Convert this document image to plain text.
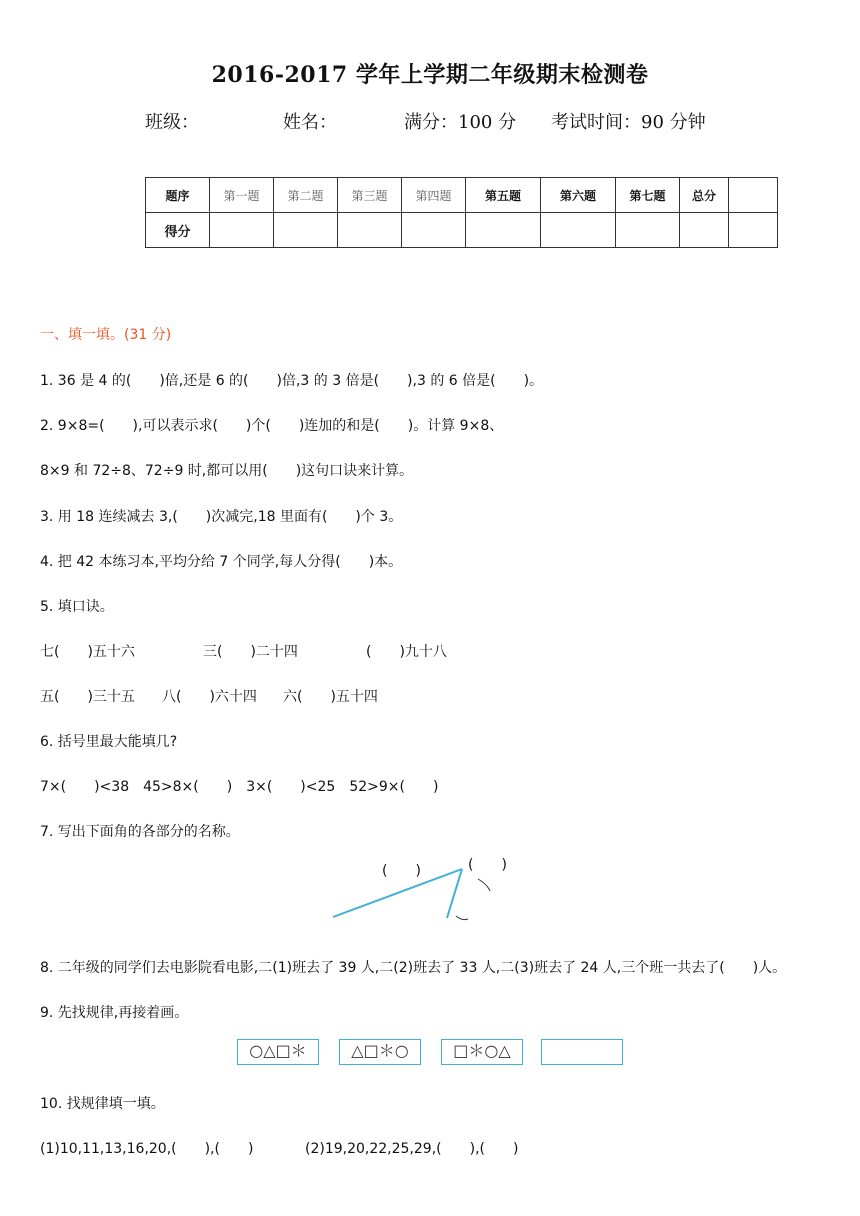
2016-2017 学年上学期二年级期末检测卷
班级：	姓名：	满分：100 分 考试时间：90 分钟
题序	第一题	第二题	第三题	第四题	第五题	第六题	第七题	总分	
得分									
一、填一填。(31 分)
1. 36 是 4 的(　　)倍,还是 6 的(　　)倍,3 的 3 倍是(　　),3 的 6 倍是(　　)。
2. 9×8=(　　),可以表示求(　　)个(　　)连加的和是(　　)。计算 9×8、
8×9 和 72÷8、72÷9 时,都可以用(　　)这句口诀来计算。
3. 用 18 连续减去 3,(　　)次减完,18 里面有(　　)个 3。
4. 把 42 本练习本,平均分给 7 个同学,每人分得(　　)本。
5. 填口诀。
七(　　)五十六	三(　　)二十四	(　　)九十八
五(　　)三十五 八(　　)六十四 六(　　)五十四
6. 括号里最大能填几?
7×(　　)<38　45>8×(　　)　3×(　　)<25　52>9×(　　)
7. 写出下面角的各部分的名称。
(　　)	(　　)
8. 二年级的同学们去电影院看电影,二(1)班去了 39 人,二(2)班去了 33 人,二(3)班去了 24 人,三个班一共去了(　　)人。
9. 先找规律,再接着画。
○△□＊	△□＊○	□＊○△
10. 找规律填一填。
(1)10,11,13,16,20,(　　),(　　)	(2)19,20,22,25,29,(　　),(　　)
